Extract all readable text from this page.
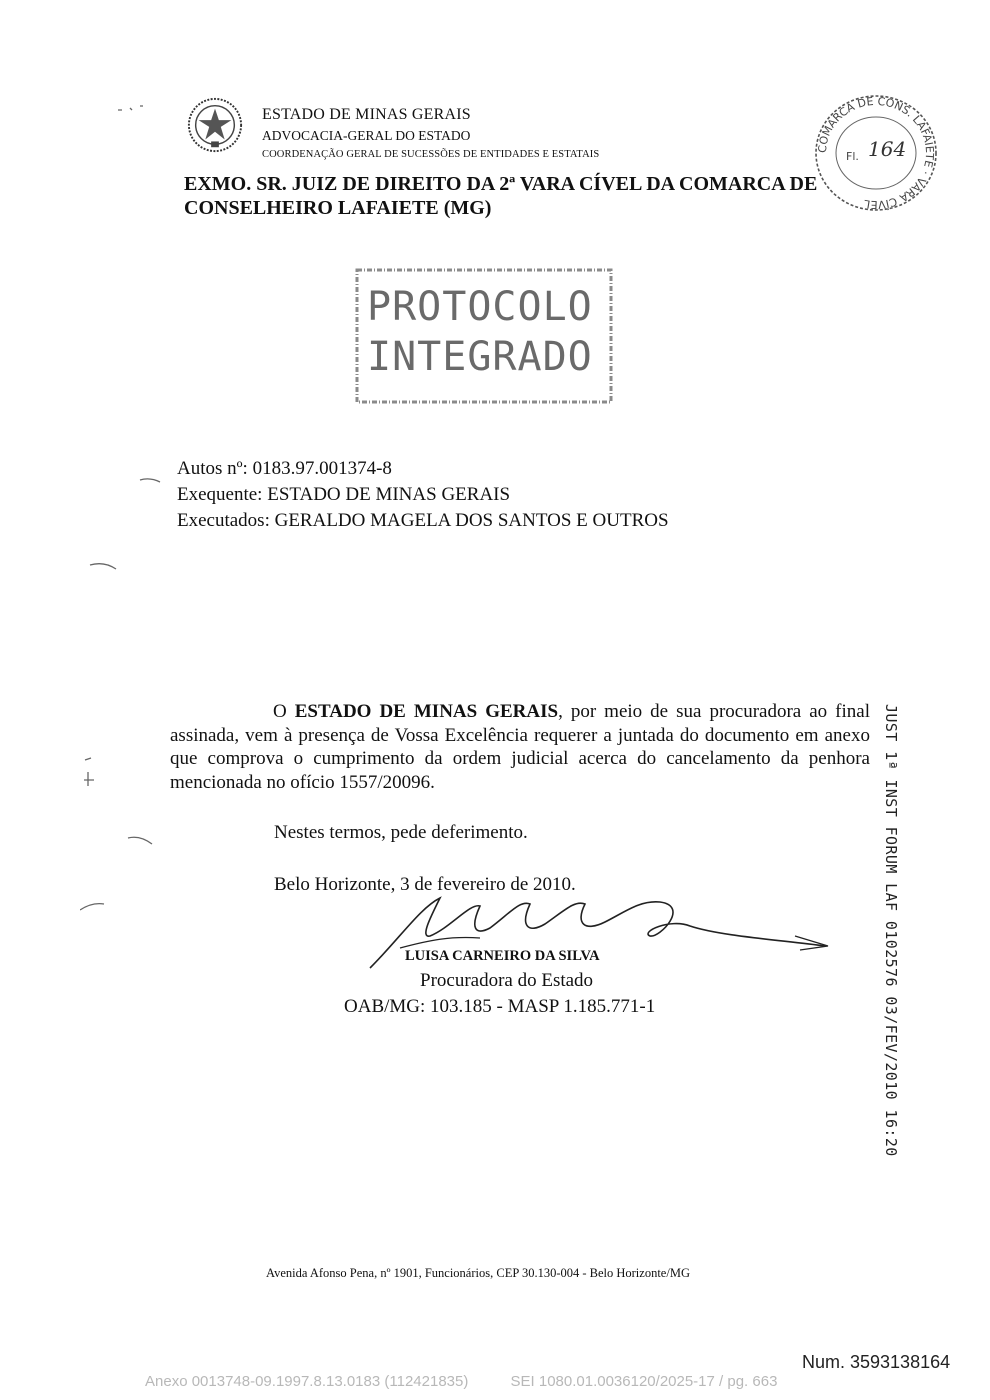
ESTADO DE MINAS GERAIS
ADVOCACIA-GERAL DO ESTADO
COORDENAÇÃO GERAL DE SUCESSÕES DE ENTIDADES E ESTATAIS
EXMO. SR. JUIZ DE DIREITO DA 2ª VARA CÍVEL DA COMARCA DE
CONSELHEIRO LAFAIETE (MG)
COMARCA DE CONS. LAFAIETE · VARA CÍVEL
Fl. 164
PROTOCOLO
INTEGRADO
Autos nº: 0183.97.001374-8
Exequente: ESTADO DE MINAS GERAIS
Executados: GERALDO MAGELA DOS SANTOS E OUTROS

O ESTADO DE MINAS GERAIS, por meio de sua procuradora ao final assinada, vem à presença de Vossa Excelência requerer a juntada do documento em anexo que comprova o cumprimento da ordem judicial acerca do cancelamento da penhora mencionada no ofício 1557/20096.

Nestes termos, pede deferimento.
Belo Horizonte, 3 de fevereiro de 2010.
LUISA CARNEIRO DA SILVA
Procuradora do Estado
OAB/MG: 103.185 - MASP 1.185.771-1	JUST 1ª INST FORUM LAF 0102576 03/FEV/2010 16:20
Avenida Afonso Pena, nº 1901, Funcionários, CEP 30.130-004 - Belo Horizonte/MG
Num. 3593138164
Anexo 0013748-09.1997.8.13.0183 (112421835)	SEI 1080.01.0036120/2025-17 / pg. 663
